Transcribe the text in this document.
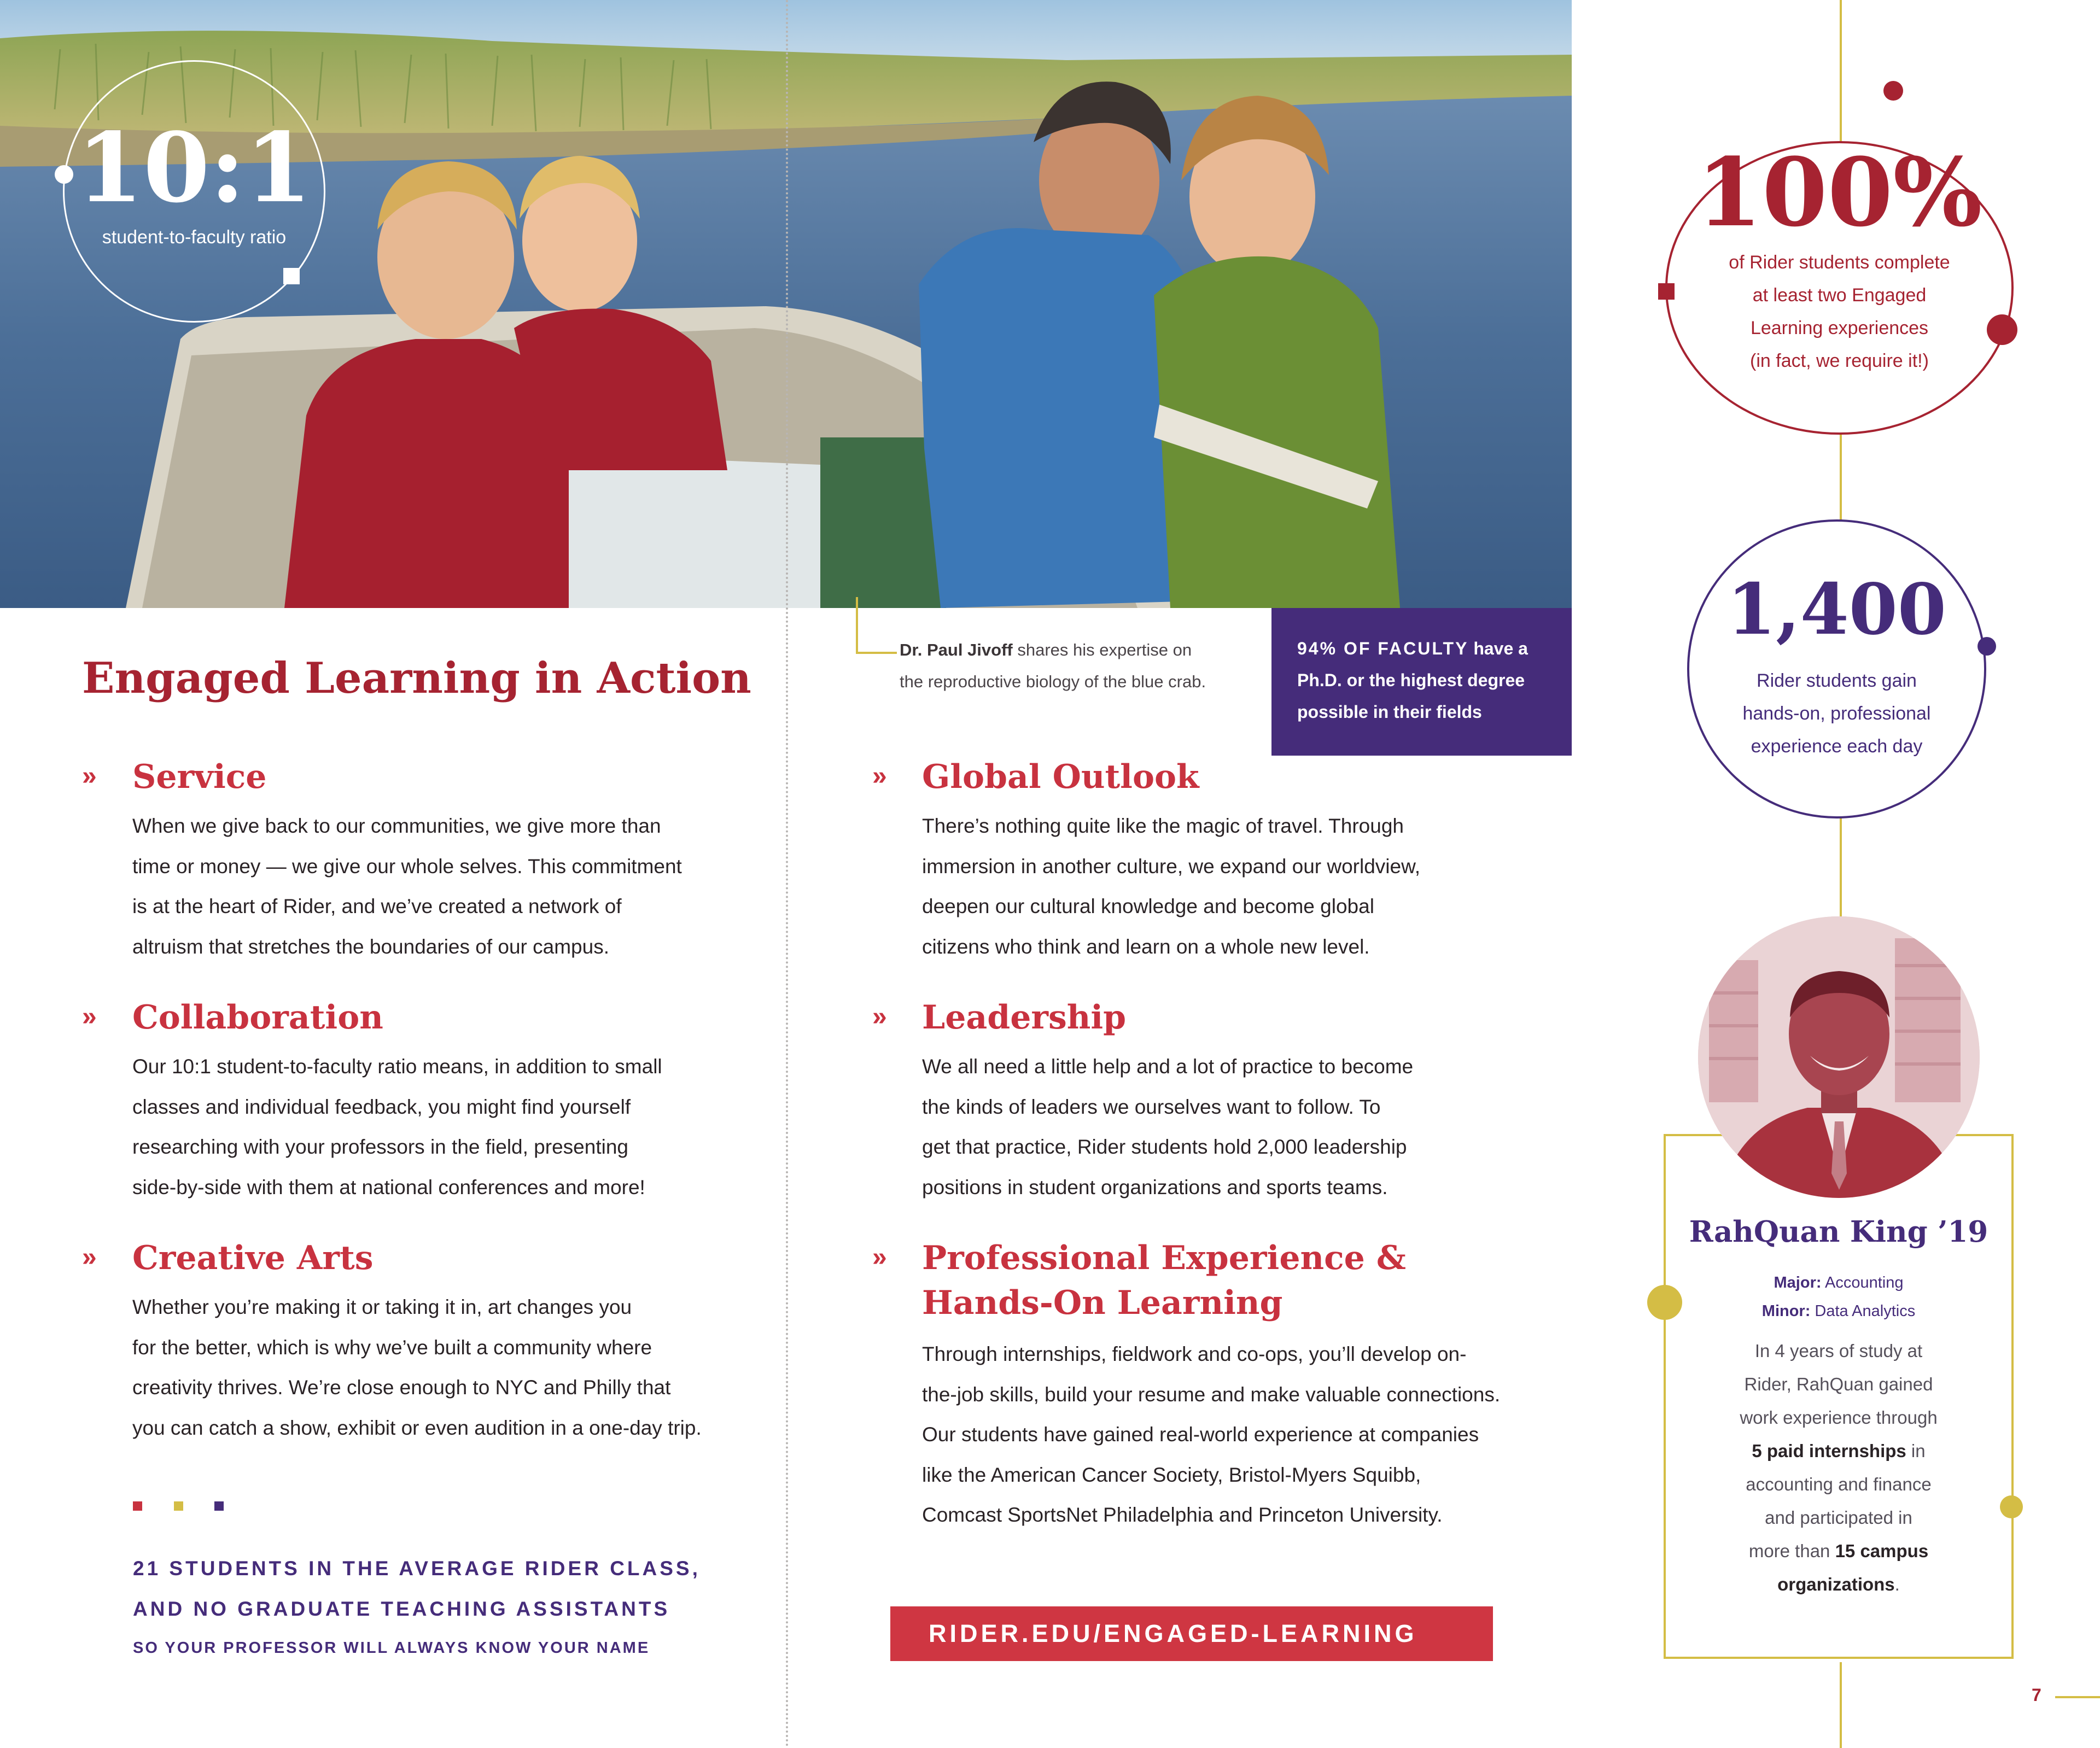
10:1
student-to-faculty ratio
Dr. Paul Jivoff shares his expertise on
the reproductive biology of the blue crab.
94% OF FACULTY have a
Ph.D. or the highest degree
possible in their fields
Engaged Learning in Action
» Service
When we give back to our communities, we give more than
time or money — we give our whole selves. This commitment
is at the heart of Rider, and we’ve created a network of
altruism that stretches the boundaries of our campus.
» Collaboration
Our 10:1 student-to-faculty ratio means, in addition to small
classes and individual feedback, you might find yourself
researching with your professors in the field, presenting
side-by-side with them at national conferences and more!
» Creative Arts
Whether you’re making it or taking it in, art changes you
for the better, which is why we’ve built a community where
creativity thrives. We’re close enough to NYC and Philly that
you can catch a show, exhibit or even audition in a one-day trip.
21 STUDENTS IN THE AVERAGE RIDER CLASS,
AND NO GRADUATE TEACHING ASSISTANTS
SO YOUR PROFESSOR WILL ALWAYS KNOW YOUR NAME
» Global Outlook
There’s nothing quite like the magic of travel. Through
immersion in another culture, we expand our worldview,
deepen our cultural knowledge and become global
citizens who think and learn on a whole new level.
» Leadership
We all need a little help and a lot of practice to become
the kinds of leaders we ourselves want to follow. To
get that practice, Rider students hold 2,000 leadership
positions in student organizations and sports teams.
» Professional Experience &
Hands-On Learning
Through internships, fieldwork and co-ops, you’ll develop on-
the-job skills, build your resume and make valuable connections.
Our students have gained real-world experience at companies
like the American Cancer Society, Bristol-Myers Squibb,
Comcast SportsNet Philadelphia and Princeton University.
RIDER.EDU/ENGAGED-LEARNING
100%
of Rider students complete
at least two Engaged
Learning experiences
(in fact, we require it!)
1,400
Rider students gain
hands-on, professional
experience each day
RahQuan King ’19
Major: Accounting
Minor: Data Analytics
In 4 years of study at
Rider, RahQuan gained
work experience through
5 paid internships in
accounting and finance
and participated in
more than 15 campus
organizations.
7
